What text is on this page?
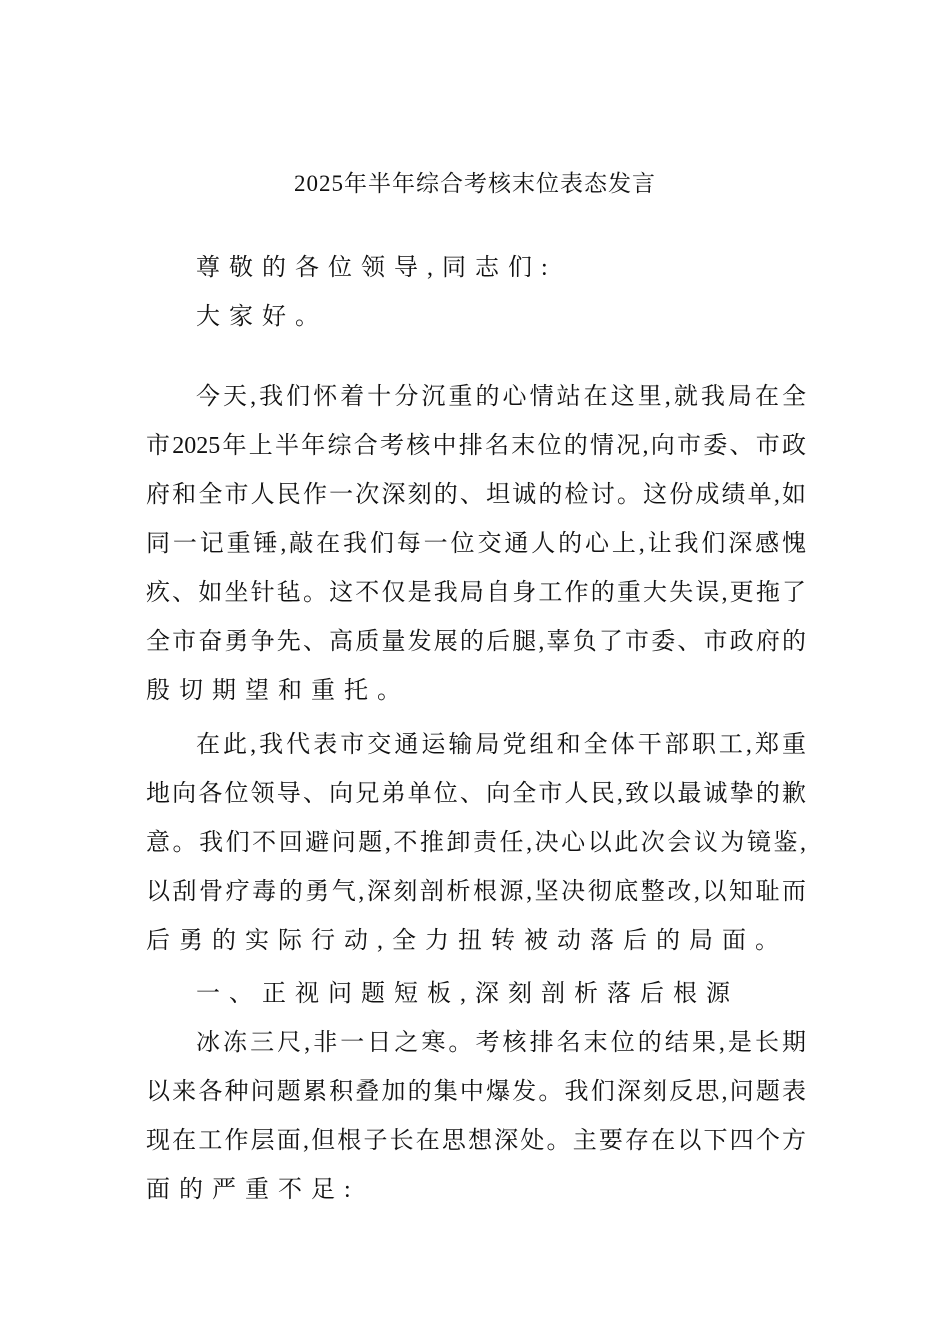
2025年半年综合考核末位表态发言
尊敬的各位领导,同志们:
大家好。
今天,我们怀着十分沉重的心情站在这里,就我局在全
市2025年上半年综合考核中排名末位的情况,向市委、市政
府和全市人民作一次深刻的、坦诚的检讨。这份成绩单,如
同一记重锤,敲在我们每一位交通人的心上,让我们深感愧
疚、如坐针毡。这不仅是我局自身工作的重大失误,更拖了
全市奋勇争先、高质量发展的后腿,辜负了市委、市政府的
殷切期望和重托。
在此,我代表市交通运输局党组和全体干部职工,郑重
地向各位领导、向兄弟单位、向全市人民,致以最诚挚的歉
意。我们不回避问题,不推卸责任,决心以此次会议为镜鉴,
以刮骨疗毒的勇气,深刻剖析根源,坚决彻底整改,以知耻而
后勇的实际行动,全力扭转被动落后的局面。
一、正视问题短板,深刻剖析落后根源
冰冻三尺,非一日之寒。考核排名末位的结果,是长期
以来各种问题累积叠加的集中爆发。我们深刻反思,问题表
现在工作层面,但根子长在思想深处。主要存在以下四个方
面的严重不足:
